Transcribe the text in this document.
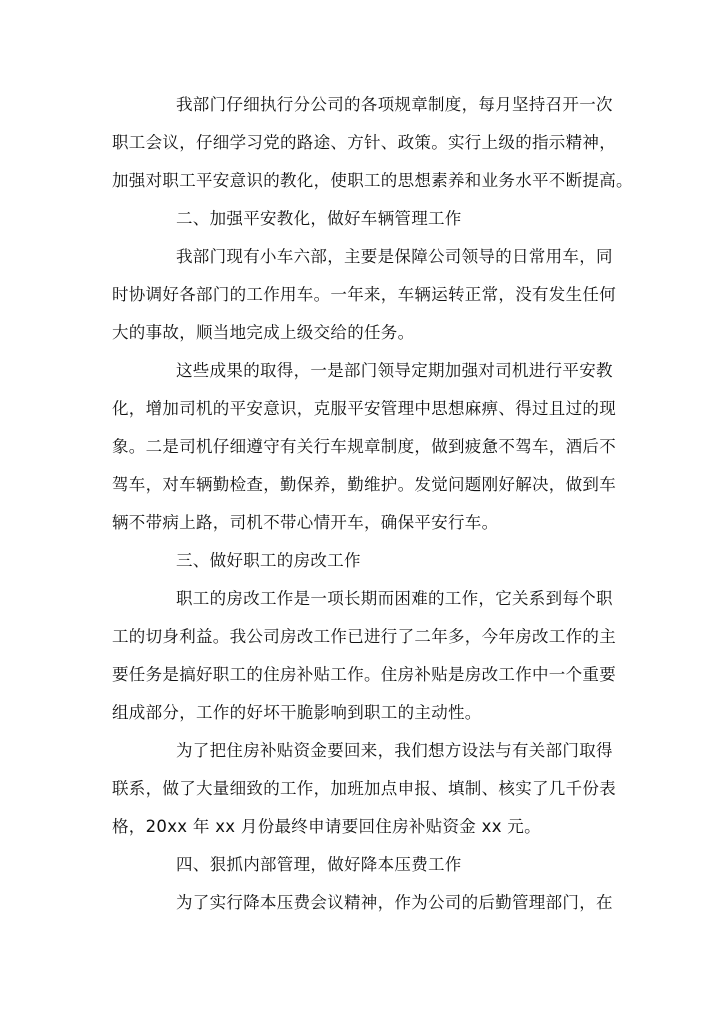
我部门仔细执行分公司的各项规章制度，每月坚持召开一次
职工会议，仔细学习党的路途、方针、政策。实行上级的指示精神，
加强对职工平安意识的教化，使职工的思想素养和业务水平不断提高。
二、加强平安教化，做好车辆管理工作
我部门现有小车六部，主要是保障公司领导的日常用车，同
时协调好各部门的工作用车。一年来，车辆运转正常，没有发生任何
大的事故，顺当地完成上级交给的任务。
这些成果的取得，一是部门领导定期加强对司机进行平安教
化，增加司机的平安意识，克服平安管理中思想麻痹、得过且过的现
象。二是司机仔细遵守有关行车规章制度，做到疲惫不驾车，酒后不
驾车，对车辆勤检查，勤保养，勤维护。发觉问题刚好解决，做到车
辆不带病上路，司机不带心情开车，确保平安行车。
三、做好职工的房改工作
职工的房改工作是一项长期而困难的工作，它关系到每个职
工的切身利益。我公司房改工作已进行了二年多，今年房改工作的主
要任务是搞好职工的住房补贴工作。住房补贴是房改工作中一个重要
组成部分，工作的好坏干脆影响到职工的主动性。
为了把住房补贴资金要回来，我们想方设法与有关部门取得
联系，做了大量细致的工作，加班加点申报、填制、核实了几千份表
格，20xx 年 xx 月份最终申请要回住房补贴资金 xx 元。
四、狠抓内部管理，做好降本压费工作
为了实行降本压费会议精神，作为公司的后勤管理部门，在
